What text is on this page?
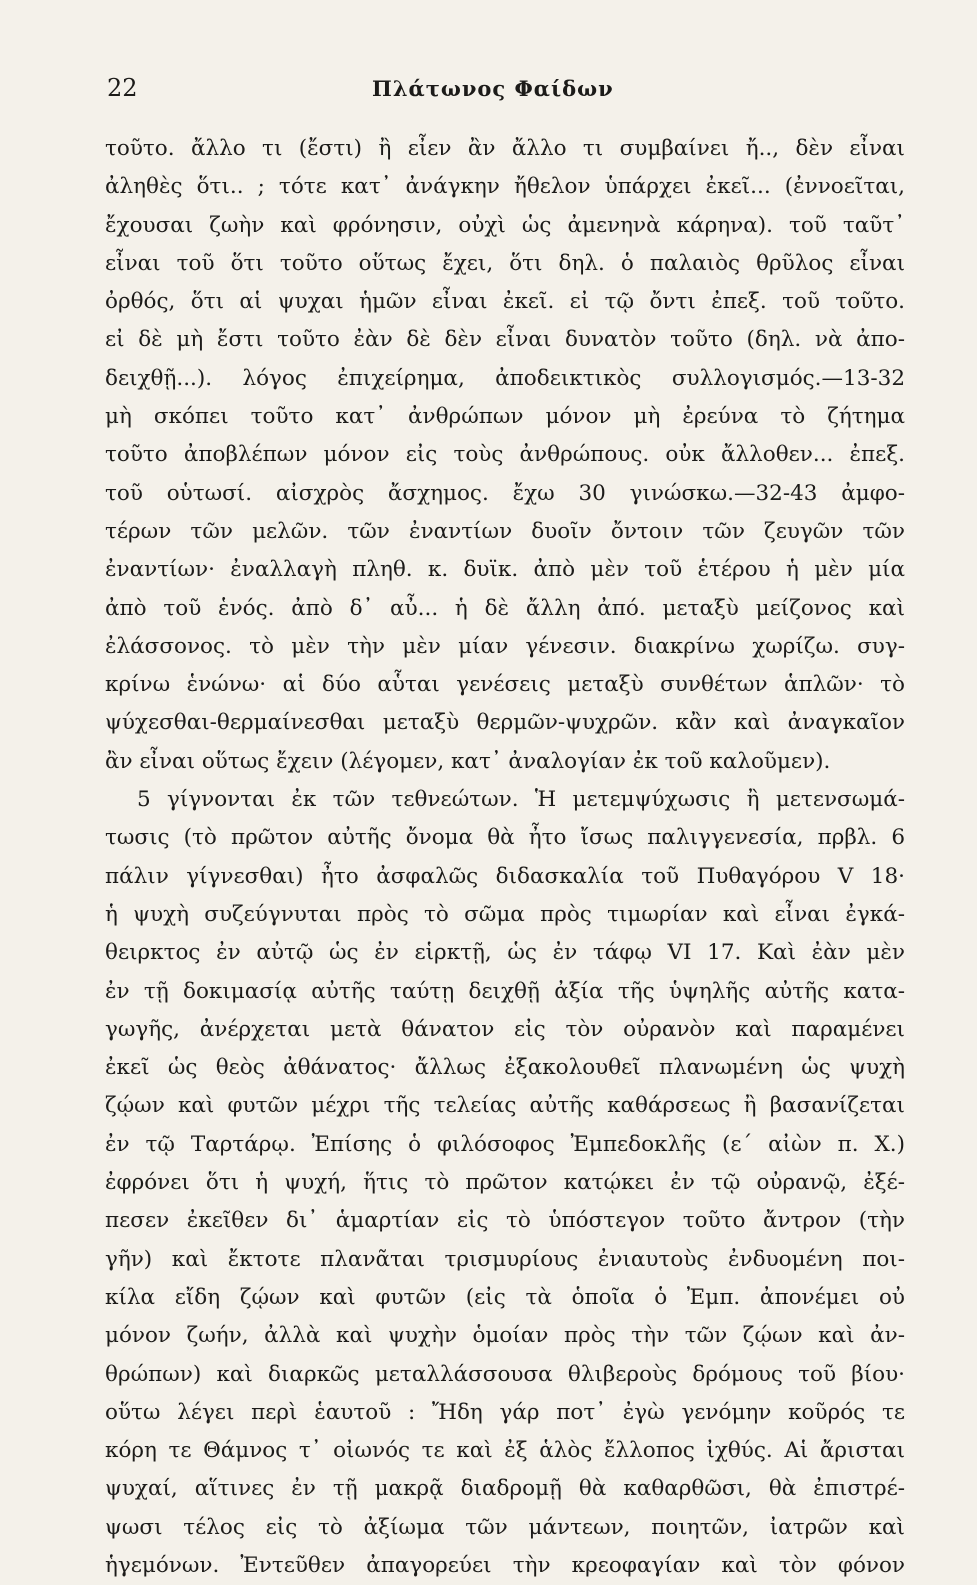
22	Πλάτωνος Φαίδων
τοῦτο. ἄλλο τι (ἔστι) ἢ εἶεν ἂν ἄλλο τι συμβαίνει ἤ.., δὲν εἶναι
ἀληθὲς ὅτι.. ; τότε κατ᾽ ἀνάγκην ἤθελον ὑπάρχει ἐκεῖ... (ἐννοεῖται,
ἔχουσαι ζωὴν καὶ φρόνησιν, οὐχὶ ὡς ἀμενηνὰ κάρηνα). τοῦ ταῦτ᾽
εἶναι τοῦ ὅτι τοῦτο οὕτως ἔχει, ὅτι δηλ. ὁ παλαιὸς θρῦλος εἶναι
ὀρθός, ὅτι αἱ ψυχαι ἡμῶν εἶναι ἐκεῖ. εἰ τῷ ὄντι ἐπεξ. τοῦ τοῦτο.
εἰ δὲ μὴ ἔστι τοῦτο ἐὰν δὲ δὲν εἶναι δυνατὸν τοῦτο (δηλ. νὰ ἀπο-
δειχθῇ...). λόγος ἐπιχείρημα, ἀποδεικτικὸς συλλογισμός.—13-32
μὴ σκόπει τοῦτο κατ᾽ ἀνθρώπων μόνον μὴ ἐρεύνα τὸ ζήτημα
τοῦτο ἀποβλέπων μόνον εἰς τοὺς ἀνθρώπους. οὐκ ἄλλοθεν... ἐπεξ.
τοῦ οὑτωσί. αἰσχρὸς ἄσχημος. ἔχω 30 γινώσκω.—32-43 ἀμφο-
τέρων τῶν μελῶν. τῶν ἐναντίων δυοῖν ὄντοιν τῶν ζευγῶν τῶν
ἐναντίων· ἐναλλαγὴ πληθ. κ. δυϊκ. ἀπὸ μὲν τοῦ ἑτέρου ἡ μὲν μία
ἀπὸ τοῦ ἑνός. ἀπὸ δ᾽ αὖ... ἡ δὲ ἄλλη ἀπό. μεταξὺ μείζονος καὶ
ἐλάσσονος. τὸ μὲν τὴν μὲν μίαν γένεσιν. διακρίνω χωρίζω. συγ-
κρίνω ἑνώνω· αἱ δύο αὗται γενέσεις μεταξὺ συνθέτων ἁπλῶν· τὸ
ψύχεσθαι-θερμαίνεσθαι μεταξὺ θερμῶν-ψυχρῶν. κἂν καὶ ἀναγκαῖον
ἂν εἶναι οὕτως ἔχειν (λέγομεν, κατ᾽ ἀναλογίαν ἐκ τοῦ καλοῦμεν).
5 γίγνονται ἐκ τῶν τεθνεώτων. Ἡ μετεμψύχωσις ἢ μετενσωμά-
τωσις (τὸ πρῶτον αὐτῆς ὄνομα θὰ ἦτο ἴσως παλιγγενεσία, πρβλ. 6
πάλιν γίγνεσθαι) ἦτο ἀσφαλῶς διδασκαλία τοῦ Πυθαγόρου V 18·
ἡ ψυχὴ συζεύγνυται πρὸς τὸ σῶμα πρὸς τιμωρίαν καὶ εἶναι ἐγκά-
θειρκτος ἐν αὐτῷ ὡς ἐν εἱρκτῇ, ὡς ἐν τάφῳ VI 17. Καὶ ἐὰν μὲν
ἐν τῇ δοκιμασίᾳ αὐτῆς ταύτῃ δειχθῇ ἀξία τῆς ὑψηλῆς αὐτῆς κατα-
γωγῆς, ἀνέρχεται μετὰ θάνατον εἰς τὸν οὐρανὸν καὶ παραμένει
ἐκεῖ ὡς θεὸς ἀθάνατος· ἄλλως ἐξακολουθεῖ πλανωμένη ὡς ψυχὴ
ζῴων καὶ φυτῶν μέχρι τῆς τελείας αὐτῆς καθάρσεως ἢ βασανίζεται
ἐν τῷ Ταρτάρῳ. Ἐπίσης ὁ φιλόσοφος Ἐμπεδοκλῆς (ε´ αἰὼν π. Χ.)
ἐφρόνει ὅτι ἡ ψυχή, ἥτις τὸ πρῶτον κατῴκει ἐν τῷ οὐρανῷ, ἐξέ-
πεσεν ἐκεῖθεν δι᾽ ἁμαρτίαν εἰς τὸ ὑπόστεγον τοῦτο ἄντρον (τὴν
γῆν) καὶ ἔκτοτε πλανᾶται τρισμυρίους ἐνιαυτοὺς ἐνδυομένη ποι-
κίλα εἴδη ζῴων καὶ φυτῶν (εἰς τὰ ὁποῖα ὁ Ἐμπ. ἀπονέμει οὐ
μόνον ζωήν, ἀλλὰ καὶ ψυχὴν ὁμοίαν πρὸς τὴν τῶν ζῴων καὶ ἀν-
θρώπων) καὶ διαρκῶς μεταλλάσσουσα θλιβεροὺς δρόμους τοῦ βίου·
οὕτω λέγει περὶ ἑαυτοῦ : Ἤδη γάρ ποτ᾽ ἐγὼ γενόμην κοῦρός τε
κόρη τε Θάμνος τ᾽ οἰωνός τε καὶ ἐξ ἁλὸς ἔλλοπος ἰχθύς. Αἱ ἄρισται
ψυχαί, αἵτινες ἐν τῇ μακρᾷ διαδρομῇ θὰ καθαρθῶσι, θὰ ἐπιστρέ-
ψωσι τέλος εἰς τὸ ἀξίωμα τῶν μάντεων, ποιητῶν, ἰατρῶν καὶ
ἡγεμόνων. Ἐντεῦθεν ἀπαγορεύει τὴν κρεοφαγίαν καὶ τὸν φόνον
